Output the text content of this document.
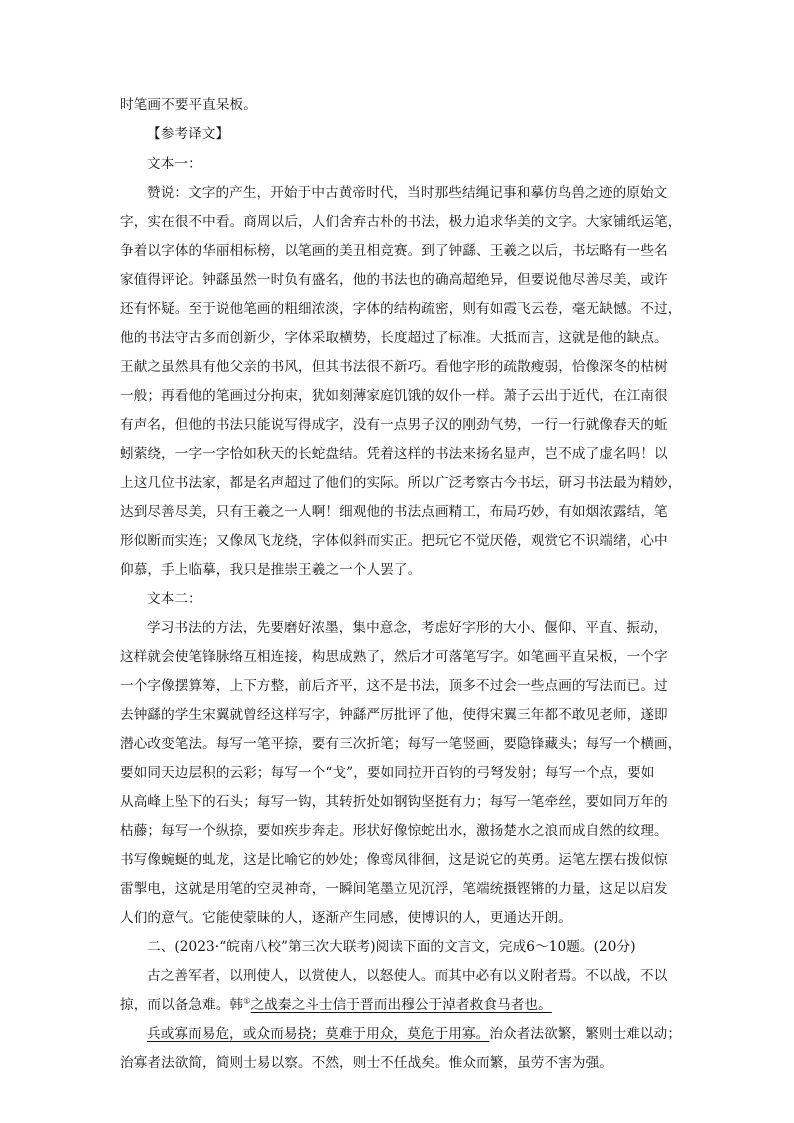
时笔画不要平直呆板。
【参考译文】
文本一：
赞说：文字的产生，开始于中古黄帝时代，当时那些结绳记事和摹仿鸟兽之迹的原始文
字，实在很不中看。商周以后，人们舍弃古朴的书法，极力追求华美的文字。大家铺纸运笔，
争着以字体的华丽相标榜，以笔画的美丑相竞赛。到了钟繇、王羲之以后，书坛略有一些名
家值得评论。钟繇虽然一时负有盛名，他的书法也的确高超绝异，但要说他尽善尽美，或许
还有怀疑。至于说他笔画的粗细浓淡，字体的结构疏密，则有如霞飞云卷，毫无缺憾。不过，
他的书法守古多而创新少，字体采取横势，长度超过了标准。大抵而言，这就是他的缺点。
王献之虽然具有他父亲的书风，但其书法很不新巧。看他字形的疏散瘦弱，恰像深冬的枯树
一般；再看他的笔画过分拘束，犹如刻薄家庭饥饿的奴仆一样。萧子云出于近代，在江南很
有声名，但他的书法只能说写得成字，没有一点男子汉的刚劲气势，一行一行就像春天的蚯
蚓萦绕，一字一字恰如秋天的长蛇盘结。凭着这样的书法来扬名显声，岂不成了虚名吗！以
上这几位书法家，都是名声超过了他们的实际。所以广泛考察古今书坛，研习书法最为精妙，
达到尽善尽美，只有王羲之一人啊！细观他的书法点画精工，布局巧妙，有如烟浓露结，笔
形似断而实连；又像凤飞龙绕，字体似斜而实正。把玩它不觉厌倦，观赏它不识端绪，心中
仰慕，手上临摹，我只是推崇王羲之一个人罢了。
文本二：
学习书法的方法，先要磨好浓墨，集中意念，考虑好字形的大小、偃仰、平直、振动，
这样就会使笔锋脉络互相连接，构思成熟了，然后才可落笔写字。如笔画平直呆板，一个字
一个字像摆算筹，上下方整，前后齐平，这不是书法，顶多不过会一些点画的写法而已。过
去钟繇的学生宋翼就曾经这样写字，钟繇严厉批评了他，使得宋翼三年都不敢见老师，遂即
潜心改变笔法。每写一笔平捺，要有三次折笔；每写一笔竖画，要隐锋藏头；每写一个横画，
要如同天边层积的云彩；每写一个“戈”，要如同拉开百钧的弓弩发射；每写一个点，要如
从高峰上坠下的石头；每写一钩，其转折处如钢钩坚挺有力；每写一笔牵丝，要如同万年的
枯藤；每写一个纵捺，要如疾步奔走。形状好像惊蛇出水，激扬楚水之浪而成自然的纹理。
书写像蜿蜒的虬龙，这是比喻它的妙处；像鸾凤徘徊，这是说它的英勇。运笔左摆右拨似惊
雷掣电，这就是用笔的空灵神奇，一瞬间笔墨立见沉浮，笔端统摄铿锵的力量，这足以启发
人们的意气。它能使蒙昧的人，逐渐产生同感，使博识的人，更通达开朗。
二、(2023·“皖南八校”第三次大联考)阅读下面的文言文，完成6～10题。(20分)
古之善军者，以刑使人，以赏使人，以怒使人。而其中必有以义附者焉。不以战，不以
掠，而以备急难。韩①之战秦之斗士信于晋而出穆公于淖者救食马者也。
兵或寡而易危，或众而易挠；莫难于用众，莫危于用寡。治众者法欲繁，繁则士难以动；
治寡者法欲简，简则士易以察。不然，则士不任战矣。惟众而繁，虽劳不害为强。
